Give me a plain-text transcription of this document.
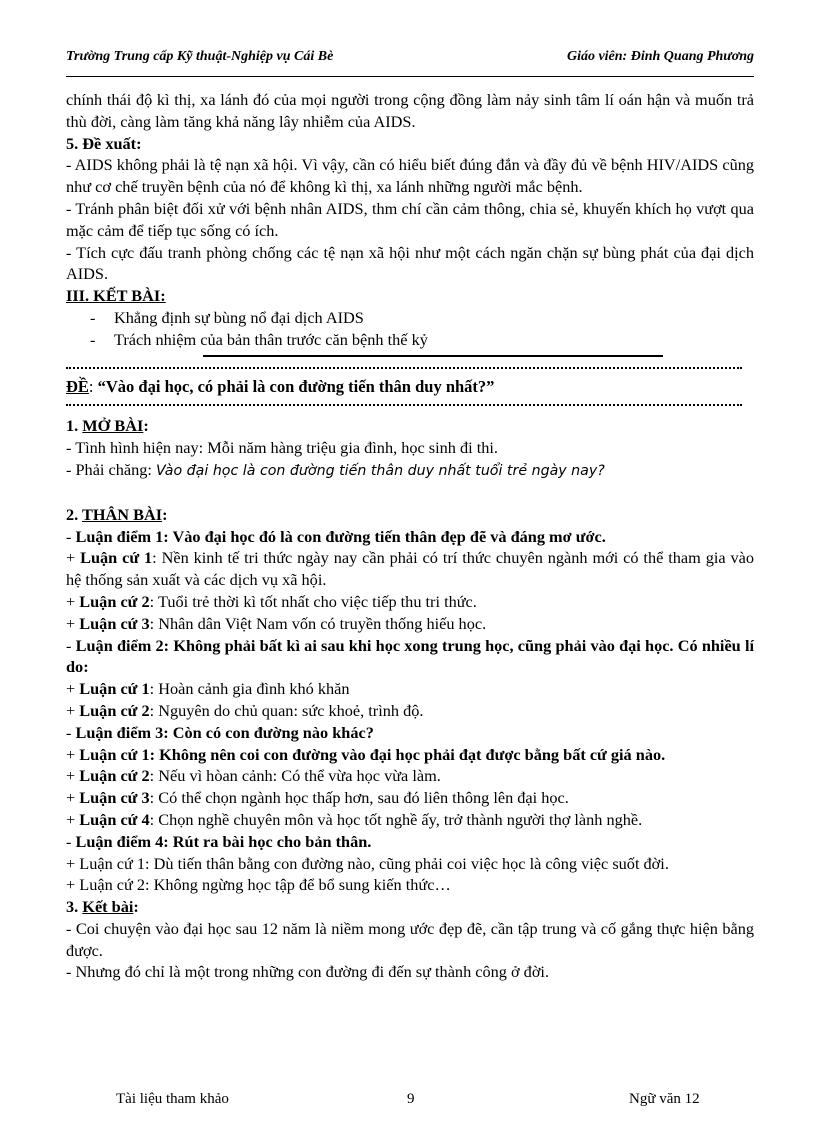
Trường Trung cấp Kỹ thuật-Nghiệp vụ Cái Bè	Giáo viên: Đinh Quang Phương

chính thái độ kì thị, xa lánh đó của mọi người trong cộng đồng làm nảy sinh tâm lí oán hận và muốn trả thù đời, càng làm tăng khả năng lây nhiễm của AIDS.

5. Đề xuất:

- AIDS không phải là tệ nạn xã hội. Vì vậy, cần có hiểu biết đúng đắn và đầy đủ về bệnh HIV/AIDS cũng như cơ chế truyền bệnh của nó để không kì thị, xa lánh những người mắc bệnh.

- Tránh phân biệt đối xử với bệnh nhân AIDS, thm chí cần cảm thông, chia sẻ, khuyến khích họ vượt qua mặc cảm để tiếp tục sống có ích.

- Tích cực đấu tranh phòng chống các tệ nạn xã hội như một cách ngăn chặn sự bùng phát của đại dịch AIDS.

III. KẾT BÀI:

-	Khẳng định sự bùng nổ đại dịch AIDS
-	Trách nhiệm của bản thân trước căn bệnh thế kỷ

ĐỀ: “Vào đại học, có phải là con đường tiến thân duy nhất?”

1. MỞ BÀI:

- Tình hình hiện nay: Mỗi năm hàng triệu gia đình, học sinh đi thi.

- Phải chăng: Vào đại học là con đường tiến thân duy nhất tuổi trẻ ngày nay?

2. THÂN BÀI:

- Luận điểm 1: Vào đại học đó là con đường tiến thân đẹp đẽ và đáng mơ ước.

+ Luận cứ 1: Nền kinh tế tri thức ngày nay cần phải có trí thức chuyên ngành mới có thể tham gia vào hệ thống sản xuất và các dịch vụ xã hội.

+ Luận cứ 2: Tuổi trẻ thời kì tốt nhất cho việc tiếp thu tri thức.

+ Luận cứ 3: Nhân dân Việt Nam vốn có truyền thống hiếu học.

- Luận điểm 2: Không phải bất kì ai sau khi học xong trung học, cũng phải vào đại học. Có nhiều lí do:

+ Luận cứ 1: Hoàn cảnh gia đình khó khăn

+ Luận cứ 2: Nguyên do chủ quan: sức khoẻ, trình độ.

- Luận điểm 3: Còn có con đường nào khác?

+ Luận cứ 1: Không nên coi con đường vào đại học phải đạt được bằng bất cứ giá nào.

+ Luận cứ 2: Nếu vì hòan cảnh: Có thể vừa học vừa làm.

+ Luận cứ 3: Có thể chọn ngành học thấp hơn, sau đó liên thông lên đại học.

+ Luận cứ 4: Chọn nghề chuyên môn và học tốt nghề ấy, trở thành người thợ lành nghề.

- Luận điểm 4: Rút ra bài học cho bản thân.

+ Luận cứ 1: Dù tiến thân bằng con đường nào, cũng phải coi việc học là công việc suốt đời.

+ Luận cứ 2: Không ngừng học tập để bổ sung kiến thức…

3. Kết bài:

- Coi chuyện vào đại học sau 12 năm là niềm mong ước đẹp đẽ, cần tập trung và cố gắng thực hiện bằng được.

- Nhưng đó chỉ là một trong những con đường đi đến sự thành công ở đời.

Tài liệu tham khảo	9	Ngữ văn 12
